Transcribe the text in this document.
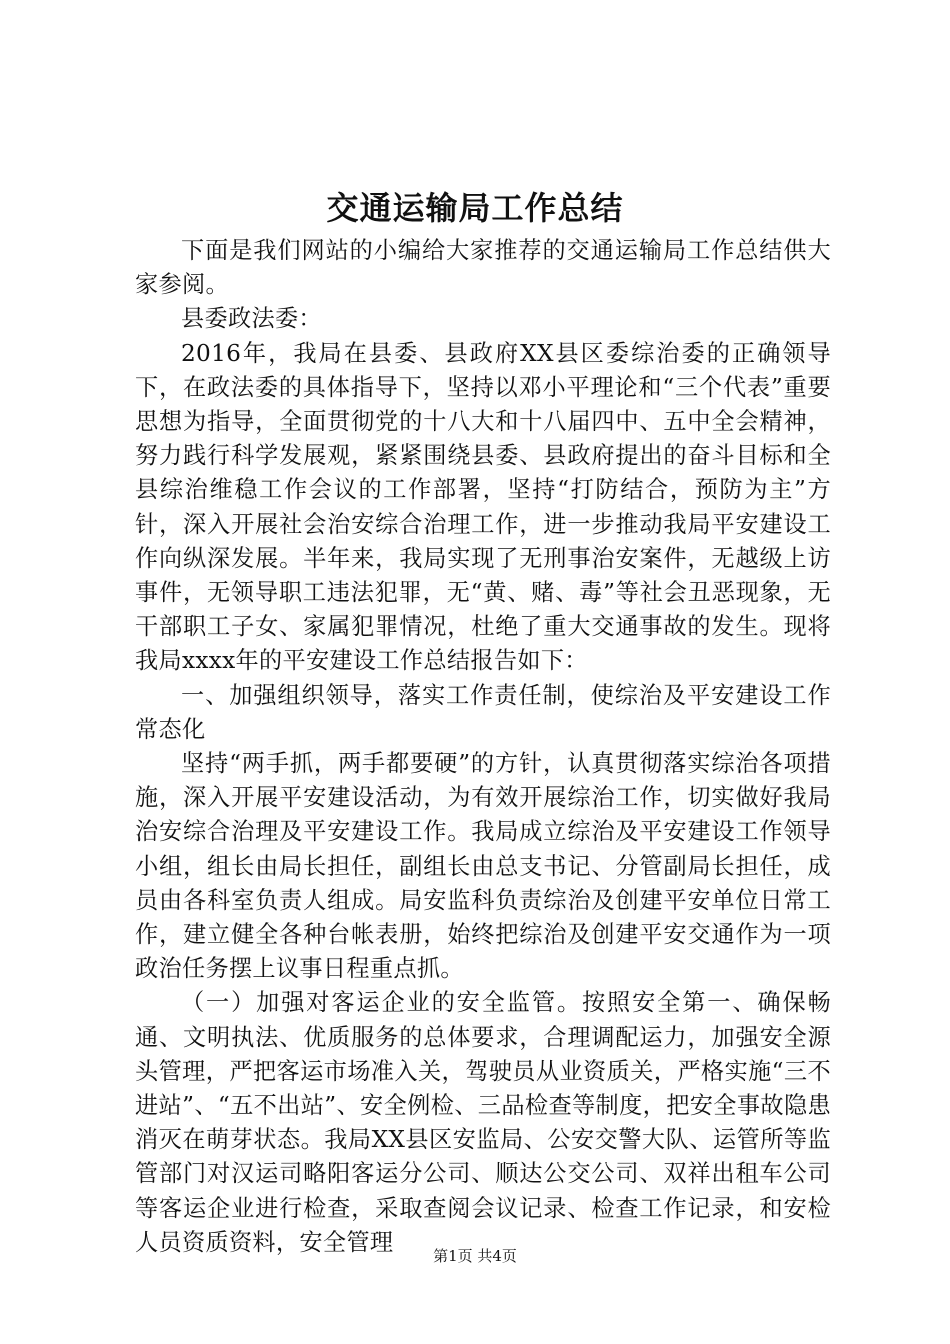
交通运输局工作总结

下面是我们网站的小编给大家推荐的交通运输局工作总结供大家参阅。

县委政法委：

2016年，我局在县委、县政府XX县区委综治委的正确领导下，在政法委的具体指导下，坚持以邓小平理论和“三个代表”重要思想为指导，全面贯彻党的十八大和十八届四中、五中全会精神，努力践行科学发展观，紧紧围绕县委、县政府提出的奋斗目标和全县综治维稳工作会议的工作部署，坚持“打防结合，预防为主”方针，深入开展社会治安综合治理工作，进一步推动我局平安建设工作向纵深发展。半年来，我局实现了无刑事治安案件，无越级上访事件，无领导职工违法犯罪，无“黄、赌、毒”等社会丑恶现象，无干部职工子女、家属犯罪情况，杜绝了重大交通事故的发生。现将我局xxxx年的平安建设工作总结报告如下：

一、加强组织领导，落实工作责任制，使综治及平安建设工作常态化

坚持“两手抓，两手都要硬”的方针，认真贯彻落实综治各项措施，深入开展平安建设活动，为有效开展综治工作，切实做好我局治安综合治理及平安建设工作。我局成立综治及平安建设工作领导小组，组长由局长担任，副组长由总支书记、分管副局长担任，成员由各科室负责人组成。局安监科负责综治及创建平安单位日常工作，建立健全各种台帐表册，始终把综治及创建平安交通作为一项政治任务摆上议事日程重点抓。

（一）加强对客运企业的安全监管。按照安全第一、确保畅通、文明执法、优质服务的总体要求，合理调配运力，加强安全源头管理，严把客运市场准入关，驾驶员从业资质关，严格实施“三不进站”、“五不出站”、安全例检、三品检查等制度，把安全事故隐患消灭在萌芽状态。我局XX县区安监局、公安交警大队、运管所等监管部门对汉运司略阳客运分公司、顺达公交公司、双祥出租车公司等客运企业进行检查，采取查阅会议记录、检查工作记录，和安检人员资质资料，安全管理

第1页 共4页
